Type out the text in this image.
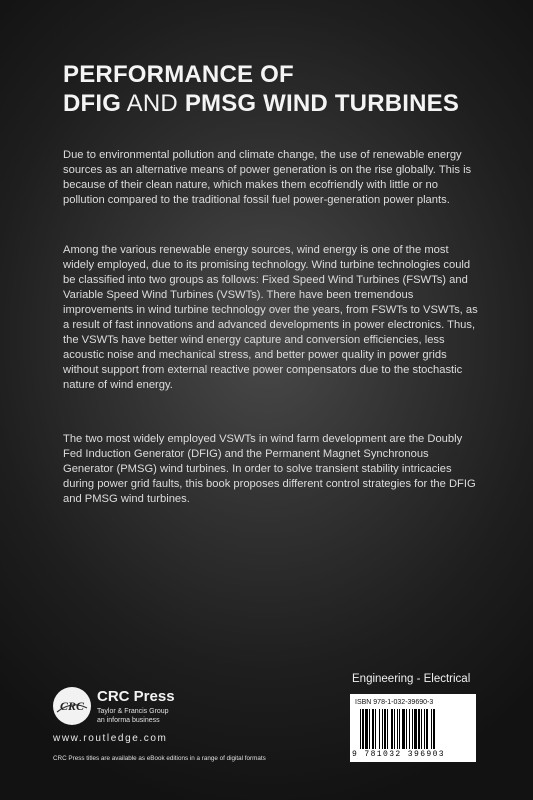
PERFORMANCE OF
DFIG AND PMSG WIND TURBINES

Due to environmental pollution and climate change, the use of renewable energy sources as an alternative means of power generation is on the rise globally. This is because of their clean nature, which makes them ecofriendly with little or no pollution compared to the traditional fossil fuel power-generation power plants.

Among the various renewable energy sources, wind energy is one of the most widely employed, due to its promising technology. Wind turbine technologies could be classified into two groups as follows: Fixed Speed Wind Turbines (FSWTs) and Variable Speed Wind Turbines (VSWTs). There have been tremendous improvements in wind turbine technology over the years, from FSWTs to VSWTs, as a result of fast innovations and advanced developments in power electronics. Thus, the VSWTs have better wind energy capture and conversion efficiencies, less acoustic noise and mechanical stress, and better power quality in power grids without support from external reactive power compensators due to the stochastic nature of wind energy.

The two most widely employed VSWTs in wind farm development are the Doubly Fed Induction Generator (DFIG) and the Permanent Magnet Synchronous Generator (PMSG) wind turbines. In order to solve transient stability intricacies during power grid faults, this book proposes different control strategies for the DFIG and PMSG wind turbines.

Engineering - Electrical
ISBN 978-1-032-39690-3
9 781032 396903
CRC
CRC Press
Taylor & Francis Group
an informa business
www.routledge.com
CRC Press titles are available as eBook editions in a range of digital formats
